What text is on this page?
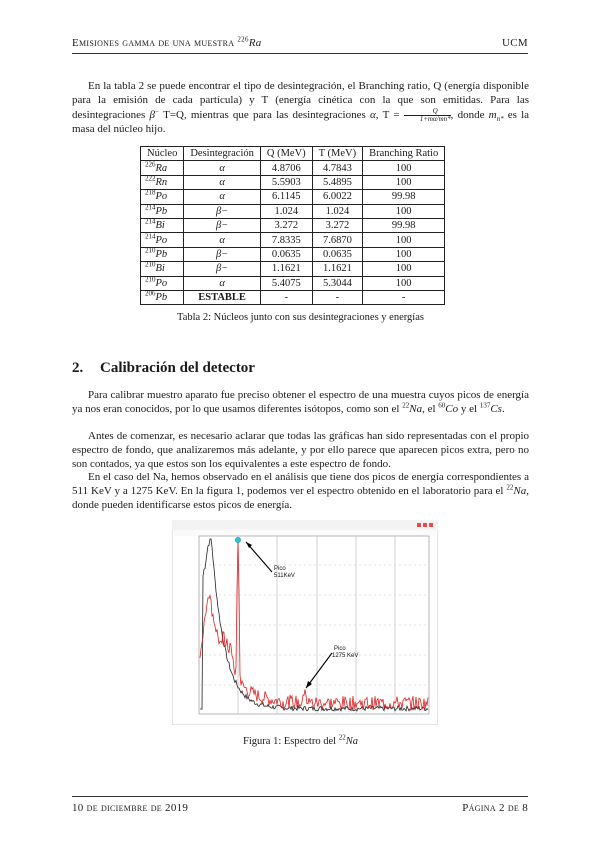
Emisiones gamma de una muestra $^{226}$Ra	UCM

En la tabla 2 se puede encontrar el tipo de desintegración, el Branching ratio, Q (energía disponible para la emisión de cada partícula) y T (energía cinética con la que son emitidas. Para las desintegraciones β− T=Q, mientras que para las desintegraciones α, $T = \frac{Q}{1+m\alpha/mn*}$ , donde $m_{n*}$ es la masa del núcleo hijo.

Núcleo	Desintegración	Q (MeV)	T (MeV)	Branching Ratio
$^{226}$Ra	α	4.8706	4.7843	100
$^{222}$Rn	α	5.5903	5.4895	100
$^{218}$Po	α	6.1145	6.0022	99.98
$^{214}$Pb	β−	1.024	1.024	100
$^{214}$Bi	β−	3.272	3.272	99.98
$^{214}$Po	α	7.8335	7.6870	100
$^{210}$Pb	β−	0.0635	0.0635	100
$^{210}$Bi	β−	1.1621	1.1621	100
$^{210}$Po	α	5.4075	5.3044	100
$^{206}$Pb	ESTABLE	-	-	-
Tabla 2: Núcleos junto con sus desintegraciones y energías
2. Calibración del detector

Para calibrar muestro aparato fue preciso obtener el espectro de una muestra cuyos picos de energía ya nos eran conocidos, por lo que usamos diferentes isótopos, como son el $^{22}$Na, el $^{60}$Co y el $^{137}$Cs.

Antes de comenzar, es necesario aclarar que todas las gráficas han sido representadas con el propio espectro de fondo, que analizaremos más adelante, y por ello parece que aparecen picos extra, pero no son contados, ya que estos son los equivalentes a este espectro de fondo.

En el caso del Na, hemos observado en el análisis que tiene dos picos de energía correspondientes a 511 KeV y a 1275 KeV. En la figura 1, podemos ver el espectro obtenido en el laboratorio para el $^{22}$Na, donde pueden identificarse estos picos de energía.

Pico
511KeV
Pico
1275 KeV
Figura 1: Espectro del $^{22}$Na
10 de diciembre de 2019	Página 2 de 8
